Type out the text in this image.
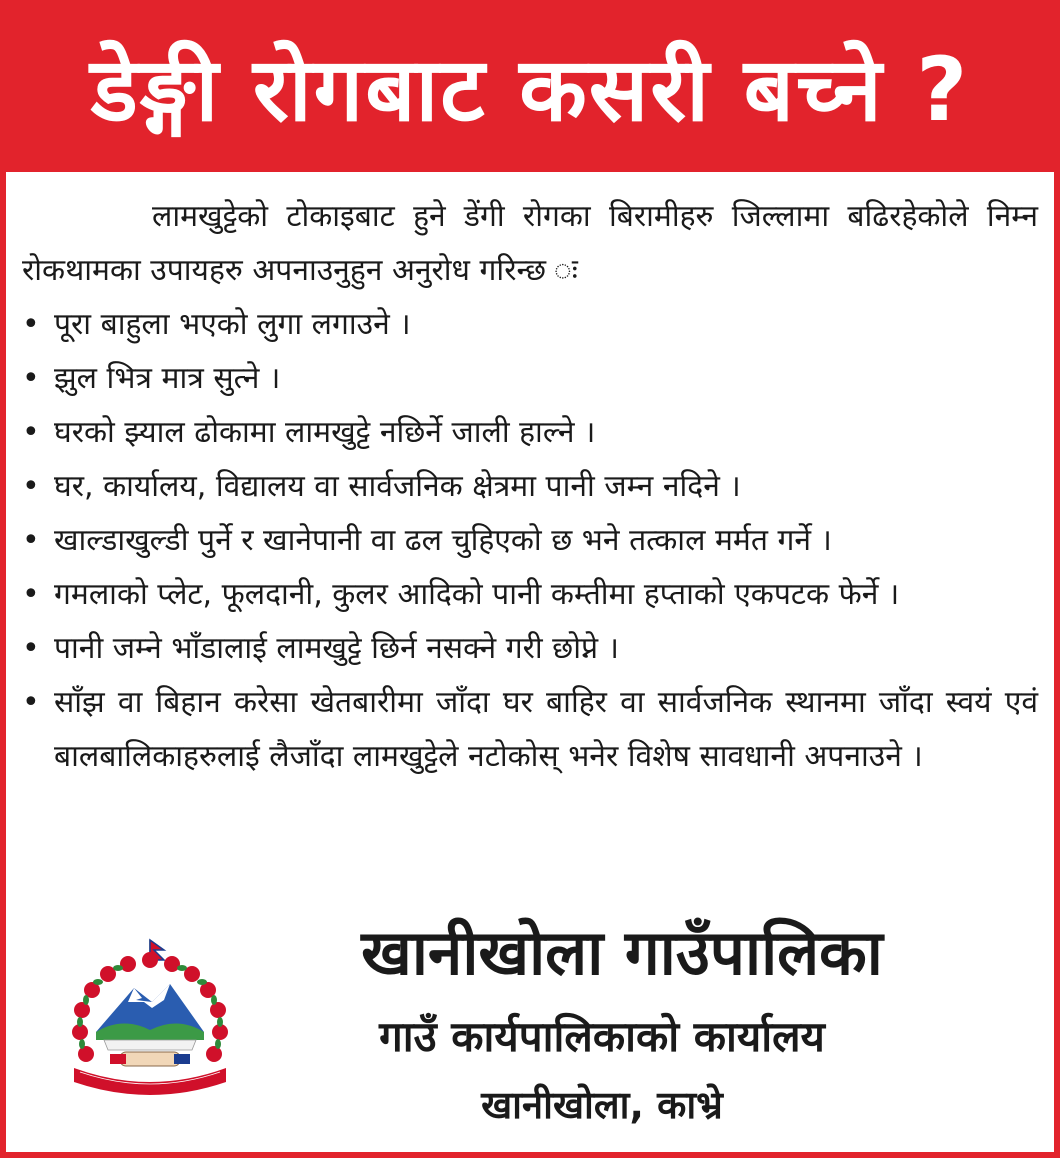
डेङ्गी रोगबाट कसरी बच्ने ?

लामखुट्टेको टोकाइबाट हुने डेंगी रोगका बिरामीहरु जिल्लामा बढिरहेकोले निम्न रोकथामका उपायहरु अपनाउनुहुन अनुरोध गरिन्छ ः

• पूरा बाहुला भएको लुगा लगाउने ।
• झुल भित्र मात्र सुत्ने ।
• घरको झ्याल ढोकामा लामखुट्टे नछिर्ने जाली हाल्ने ।
• घर, कार्यालय, विद्यालय वा सार्वजनिक क्षेत्रमा पानी जम्न नदिने ।
• खाल्डाखुल्डी पुर्ने र खानेपानी वा ढल चुहिएको छ भने तत्काल मर्मत गर्ने ।
• गमलाको प्लेट, फूलदानी, कुलर आदिको पानी कम्तीमा हप्ताको एकपटक फेर्ने ।
• पानी जम्ने भाँडालाई लामखुट्टे छिर्न नसक्ने गरी छोप्ने ।
• साँझ वा बिहान करेसा खेतबारीमा जाँदा घर बाहिर वा सार्वजनिक स्थानमा जाँदा स्वयं एवं बालबालिकाहरुलाई लैजाँदा लामखुट्टेले नटोकोस् भनेर विशेष सावधानी अपनाउने ।
खानीखोला गाउँपालिका
गाउँ कार्यपालिकाको कार्यालय
खानीखोला, काभ्रे
